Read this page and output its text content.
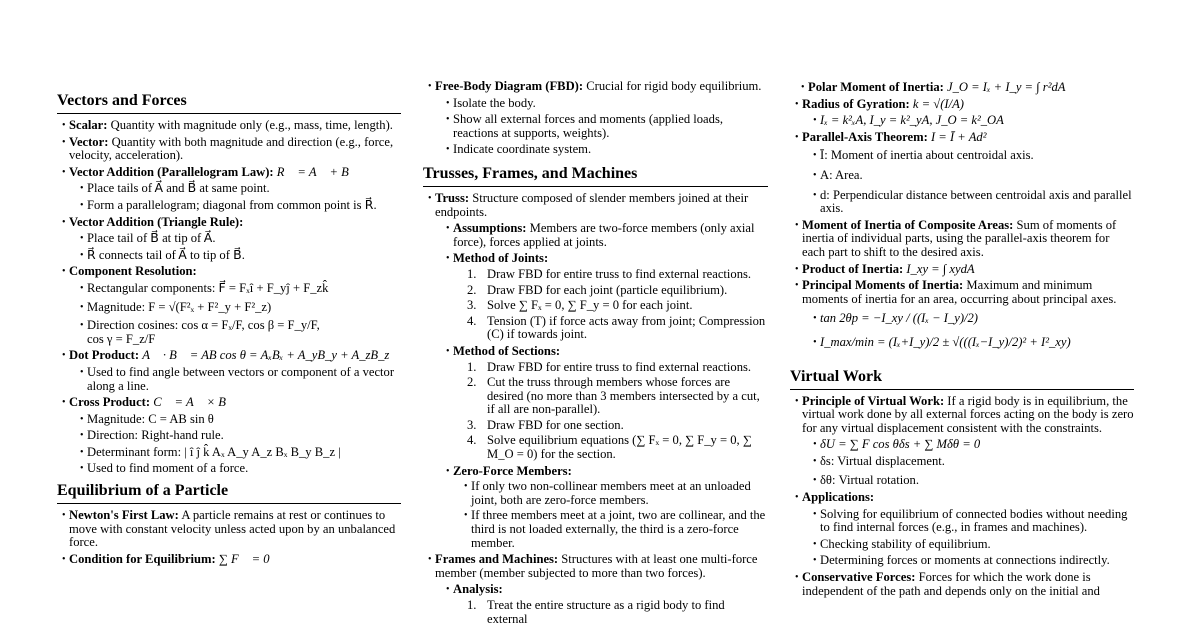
Vectors and Forces
• Scalar: Quantity with magnitude only (e.g., mass, time, length).
• Vector: Quantity with both magnitude and direction (e.g., force, velocity, acceleration).
• Vector Addition (Parallelogram Law): R⃗ = A⃗ + B⃗
• Place tails of A⃗ and B⃗ at same point.
• Form a parallelogram; diagonal from common point is R⃗.
• Vector Addition (Triangle Rule):
• Place tail of B⃗ at tip of A⃗.
• R⃗ connects tail of A⃗ to tip of B⃗.
• Component Resolution:
• Rectangular components: F⃗ = Fₓî + F_yĵ + F_zk̂
• Magnitude: F = √(F²ₓ + F²_y + F²_z)
• Direction cosines: cos α = Fₓ/F, cos β = F_y/F,
cos γ = F_z/F
• Dot Product: A⃗ · B⃗ = AB cos θ = AₓBₓ + A_yB_y + A_zB_z
• Used to find angle between vectors or component of a vector along a line.
• Cross Product: C⃗ = A⃗ × B⃗
• Magnitude: C = AB sin θ
• Direction: Right-hand rule.
• Determinant form: | î ĵ k̂ Aₓ A_y A_z Bₓ B_y B_z |
• Used to find moment of a force.
Equilibrium of a Particle
• Newton's First Law: A particle remains at rest or continues to move with constant velocity unless acted upon by an unbalanced force.
• Condition for Equilibrium: ∑ F⃗ = 0
• Free-Body Diagram (FBD): Crucial for rigid body equilibrium.
• Isolate the body.
• Show all external forces and moments (applied loads, reactions at supports, weights).
• Indicate coordinate system.
Trusses, Frames, and Machines
• Truss: Structure composed of slender members joined at their endpoints.
• Assumptions: Members are two-force members (only axial force), forces applied at joints.
• Method of Joints:
1. Draw FBD for entire truss to find external reactions.
2. Draw FBD for each joint (particle equilibrium).
3. Solve ∑ Fₓ = 0, ∑ F_y = 0 for each joint.
4. Tension (T) if force acts away from joint; Compression (C) if towards joint.
• Method of Sections:
1. Draw FBD for entire truss to find external reactions.
2. Cut the truss through members whose forces are desired (no more than 3 members intersected by a cut, if all are non-parallel).
3. Draw FBD for one section.
4. Solve equilibrium equations (∑ Fₓ = 0, ∑ F_y = 0, ∑ M_O = 0) for the section.
• Zero-Force Members:
• If only two non-collinear members meet at an unloaded joint, both are zero-force members.
• If three members meet at a joint, two are collinear, and the third is not loaded externally, the third is a zero-force member.
• Frames and Machines: Structures with at least one multi-force member (member subjected to more than two forces).
• Analysis:
1. Treat the entire structure as a rigid body to find external
• Polar Moment of Inertia: J_O = Iₓ + I_y = ∫ r²dA
• Radius of Gyration: k = √(I/A)
• Iₓ = k²ₓA, I_y = k²_yA, J_O = k²_OA
• Parallel-Axis Theorem: I = Ī + Ad²
• Ī: Moment of inertia about centroidal axis.
• A: Area.
• d: Perpendicular distance between centroidal axis and parallel axis.
• Moment of Inertia of Composite Areas: Sum of moments of inertia of individual parts, using the parallel-axis theorem for each part to shift to the desired axis.
• Product of Inertia: I_xy = ∫ xydA
• Principal Moments of Inertia: Maximum and minimum moments of inertia for an area, occurring about principal axes.
• tan 2θp = −I_xy / ((Iₓ − I_y)/2)
• I_max/min = (Iₓ+I_y)/2 ± √(((Iₓ−I_y)/2)² + I²_xy)
Virtual Work
• Principle of Virtual Work: If a rigid body is in equilibrium, the virtual work done by all external forces acting on the body is zero for any virtual displacement consistent with the constraints.
• δU = ∑ F cos θδs + ∑ Mδθ = 0
• δs: Virtual displacement.
• δθ: Virtual rotation.
• Applications:
• Solving for equilibrium of connected bodies without needing to find internal forces (e.g., in frames and machines).
• Checking stability of equilibrium.
• Determining forces or moments at connections indirectly.
• Conservative Forces: Forces for which the work done is independent of the path and depends only on the initial and
